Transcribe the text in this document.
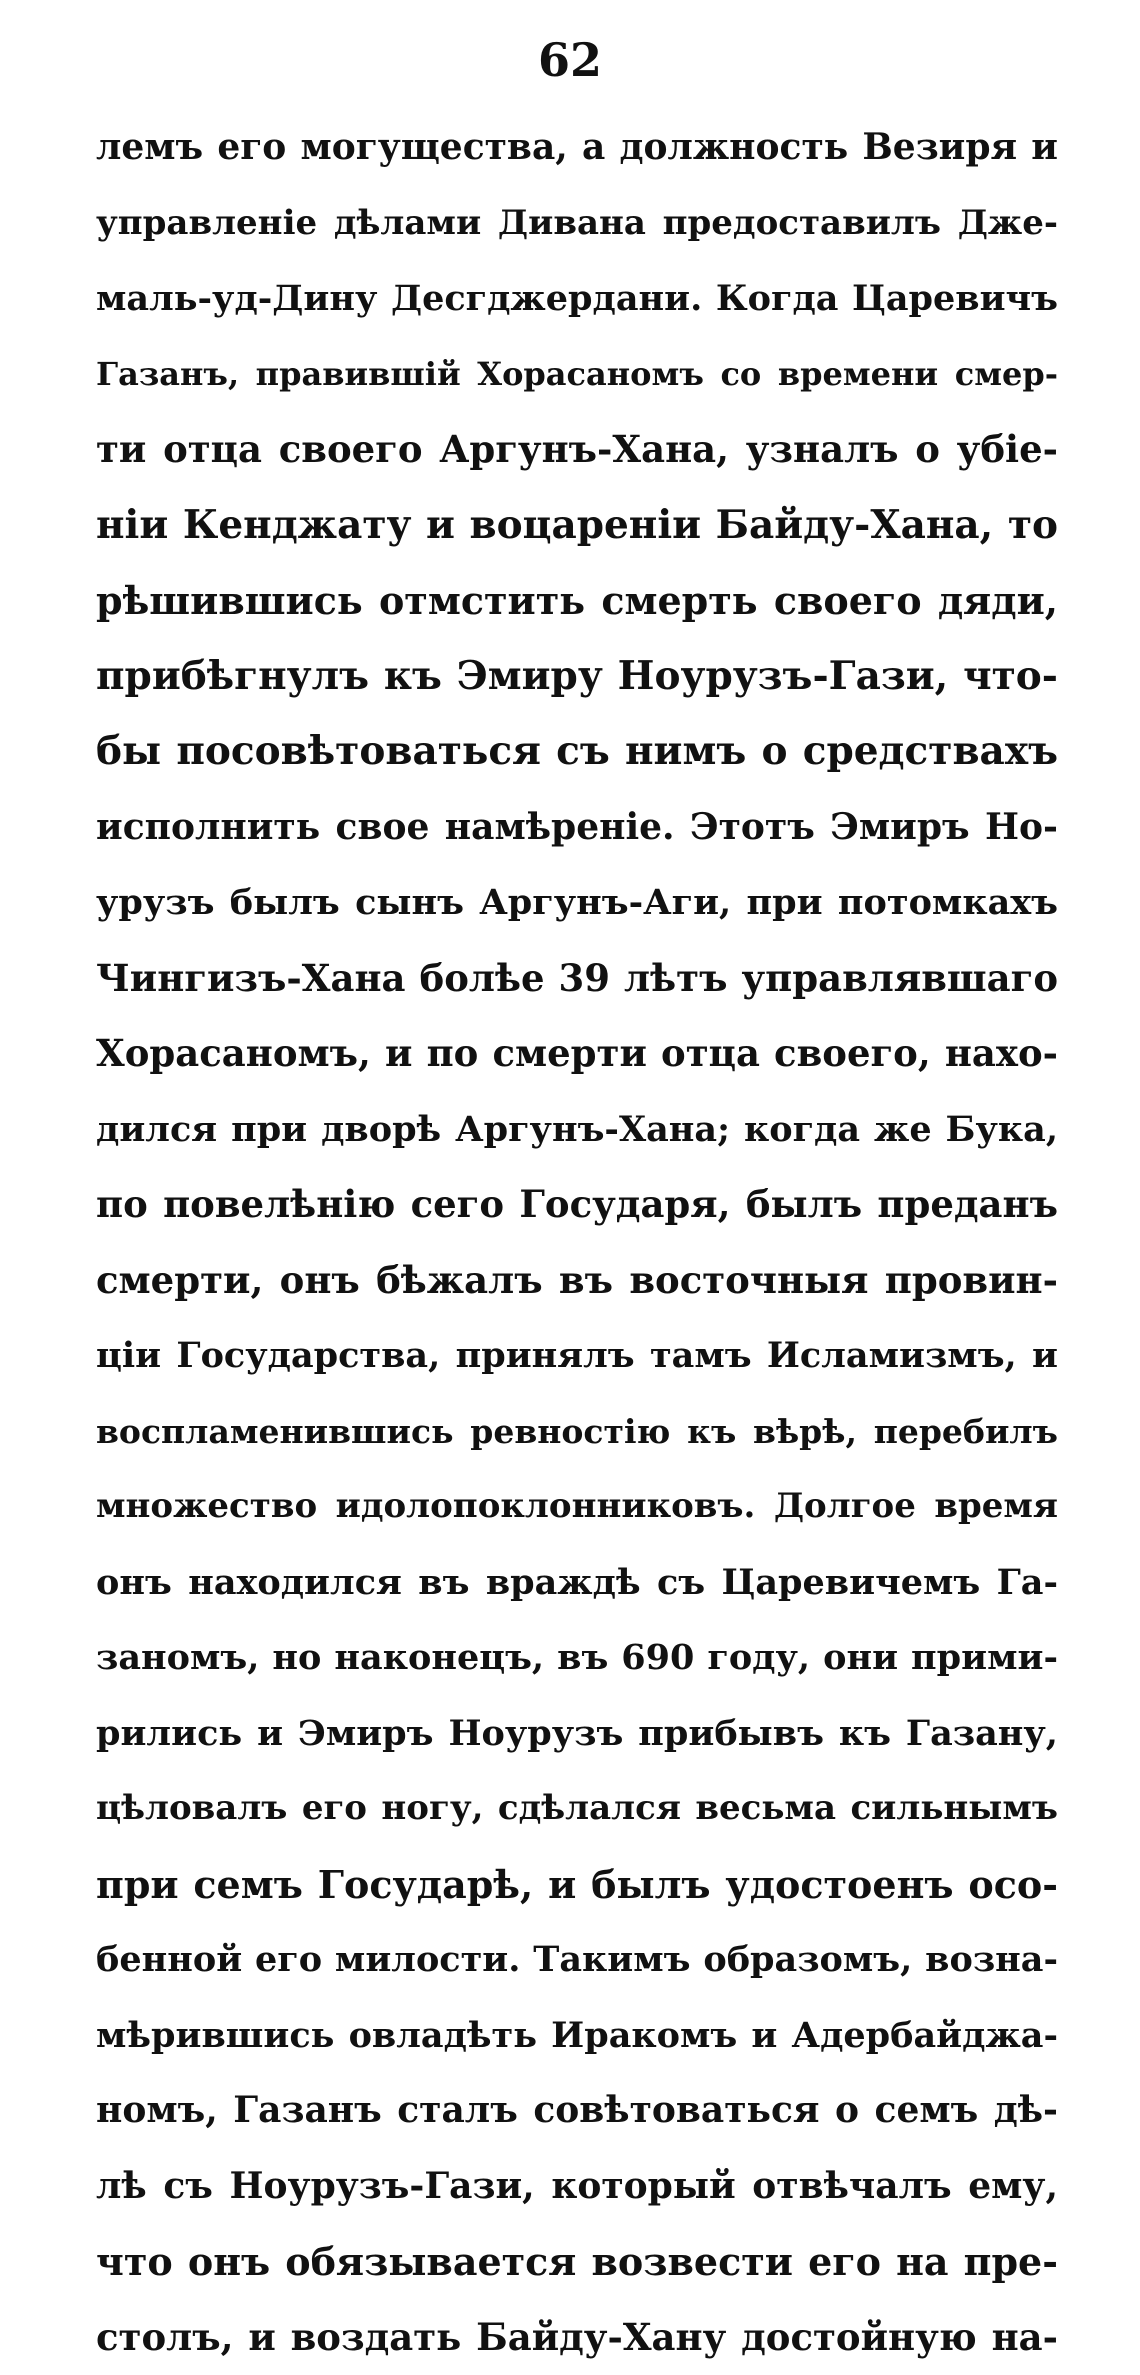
62
лемъ его могущества, а должность Везиря и
управленіе дѣлами Дивана предоставилъ Дже-
маль-уд-Дину Десгджердани. Когда Царевичъ
Газанъ, правившій Хорасаномъ со времени смер-
ти отца своего Аргунъ-Хана, узналъ о убіе-
ніи Кенджату и воцареніи Байду-Хана, то
рѣшившись отмстить смерть своего дяди,
прибѣгнулъ къ Эмиру Ноурузъ-Гази, что-
бы посовѣтоваться съ нимъ о средствахъ
исполнить свое намѣреніе. Этотъ Эмиръ Но-
урузъ былъ сынъ Аргунъ-Аги, при потомкахъ
Чингизъ-Хана болѣе 39 лѣтъ управлявшаго
Хорасаномъ, и по смерти отца своего, нахо-
дился при дворѣ Аргунъ-Хана; когда же Бука,
по повелѣнію сего Государя, былъ преданъ
смерти, онъ бѣжалъ въ восточныя провин-
ціи Государства, принялъ тамъ Исламизмъ, и
воспламенившись ревностію къ вѣрѣ, перебилъ
множество идолопоклонниковъ. Долгое время
онъ находился въ враждѣ съ Царевичемъ Га-
заномъ, но наконецъ, въ 690 году, они прими-
рились и Эмиръ Ноурузъ прибывъ къ Газану,
цѣловалъ его ногу, сдѣлался весьма сильнымъ
при семъ Государѣ, и былъ удостоенъ осо-
бенной его милости. Такимъ образомъ, возна-
мѣрившись овладѣть Иракомъ и Адербайджа-
номъ, Газанъ сталъ совѣтоваться о семъ дѣ-
лѣ съ Ноурузъ-Гази, который отвѣчалъ ему,
что онъ обязывается возвести его на пре-
столъ, и воздать Байду-Хану достойную на-
